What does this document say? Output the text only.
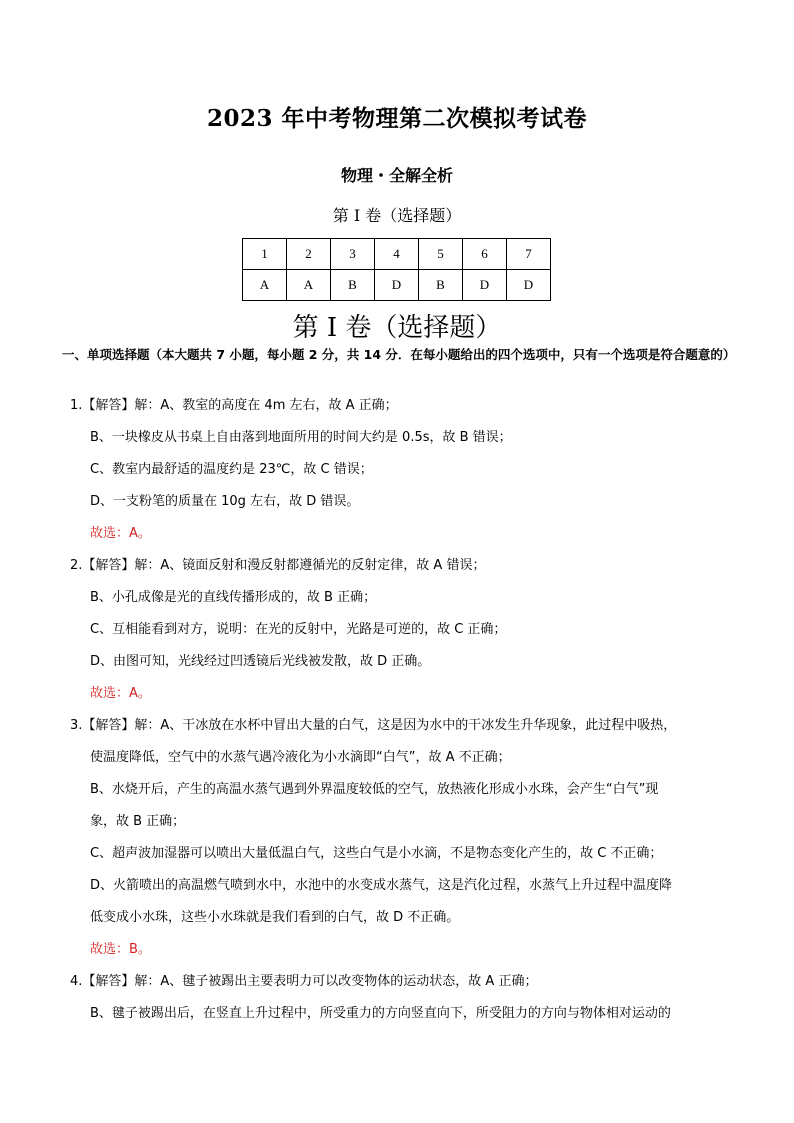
2023 年中考物理第二次模拟考试卷
物理・全解全析
第 I 卷（选择题）
1	2	3	4	5	6	7
A	A	B	D	B	D	D
第 I 卷（选择题）
一、单项选择题（本大题共 7 小题，每小题 2 分，共 14 分．在每小题给出的四个选项中，只有一个选项是符合题意的）
1.【解答】解：A、教室的高度在 4m 左右，故 A 正确；
B、一块橡皮从书桌上自由落到地面所用的时间大约是 0.5s，故 B 错误；
C、教室内最舒适的温度约是 23℃，故 C 错误；
D、一支粉笔的质量在 10g 左右，故 D 错误。
故选：A。
2.【解答】解：A、镜面反射和漫反射都遵循光的反射定律，故 A 错误；
B、小孔成像是光的直线传播形成的，故 B 正确；
C、互相能看到对方，说明：在光的反射中，光路是可逆的，故 C 正确；
D、由图可知，光线经过凹透镜后光线被发散，故 D 正确。
故选：A。
3.【解答】解：A、干冰放在水杯中冒出大量的白气，这是因为水中的干冰发生升华现象，此过程中吸热，
使温度降低，空气中的水蒸气遇冷液化为小水滴即“白气”，故 A 不正确；
B、水烧开后，产生的高温水蒸气遇到外界温度较低的空气，放热液化形成小水珠，会产生“白气”现
象，故 B 正确；
C、超声波加湿器可以喷出大量低温白气，这些白气是小水滴，不是物态变化产生的，故 C 不正确；
D、火箭喷出的高温燃气喷到水中，水池中的水变成水蒸气，这是汽化过程，水蒸气上升过程中温度降
低变成小水珠，这些小水珠就是我们看到的白气，故 D 不正确。
故选：B。
4.【解答】解：A、毽子被踢出主要表明力可以改变物体的运动状态，故 A 正确；
B、毽子被踢出后，在竖直上升过程中，所受重力的方向竖直向下，所受阻力的方向与物体相对运动的
